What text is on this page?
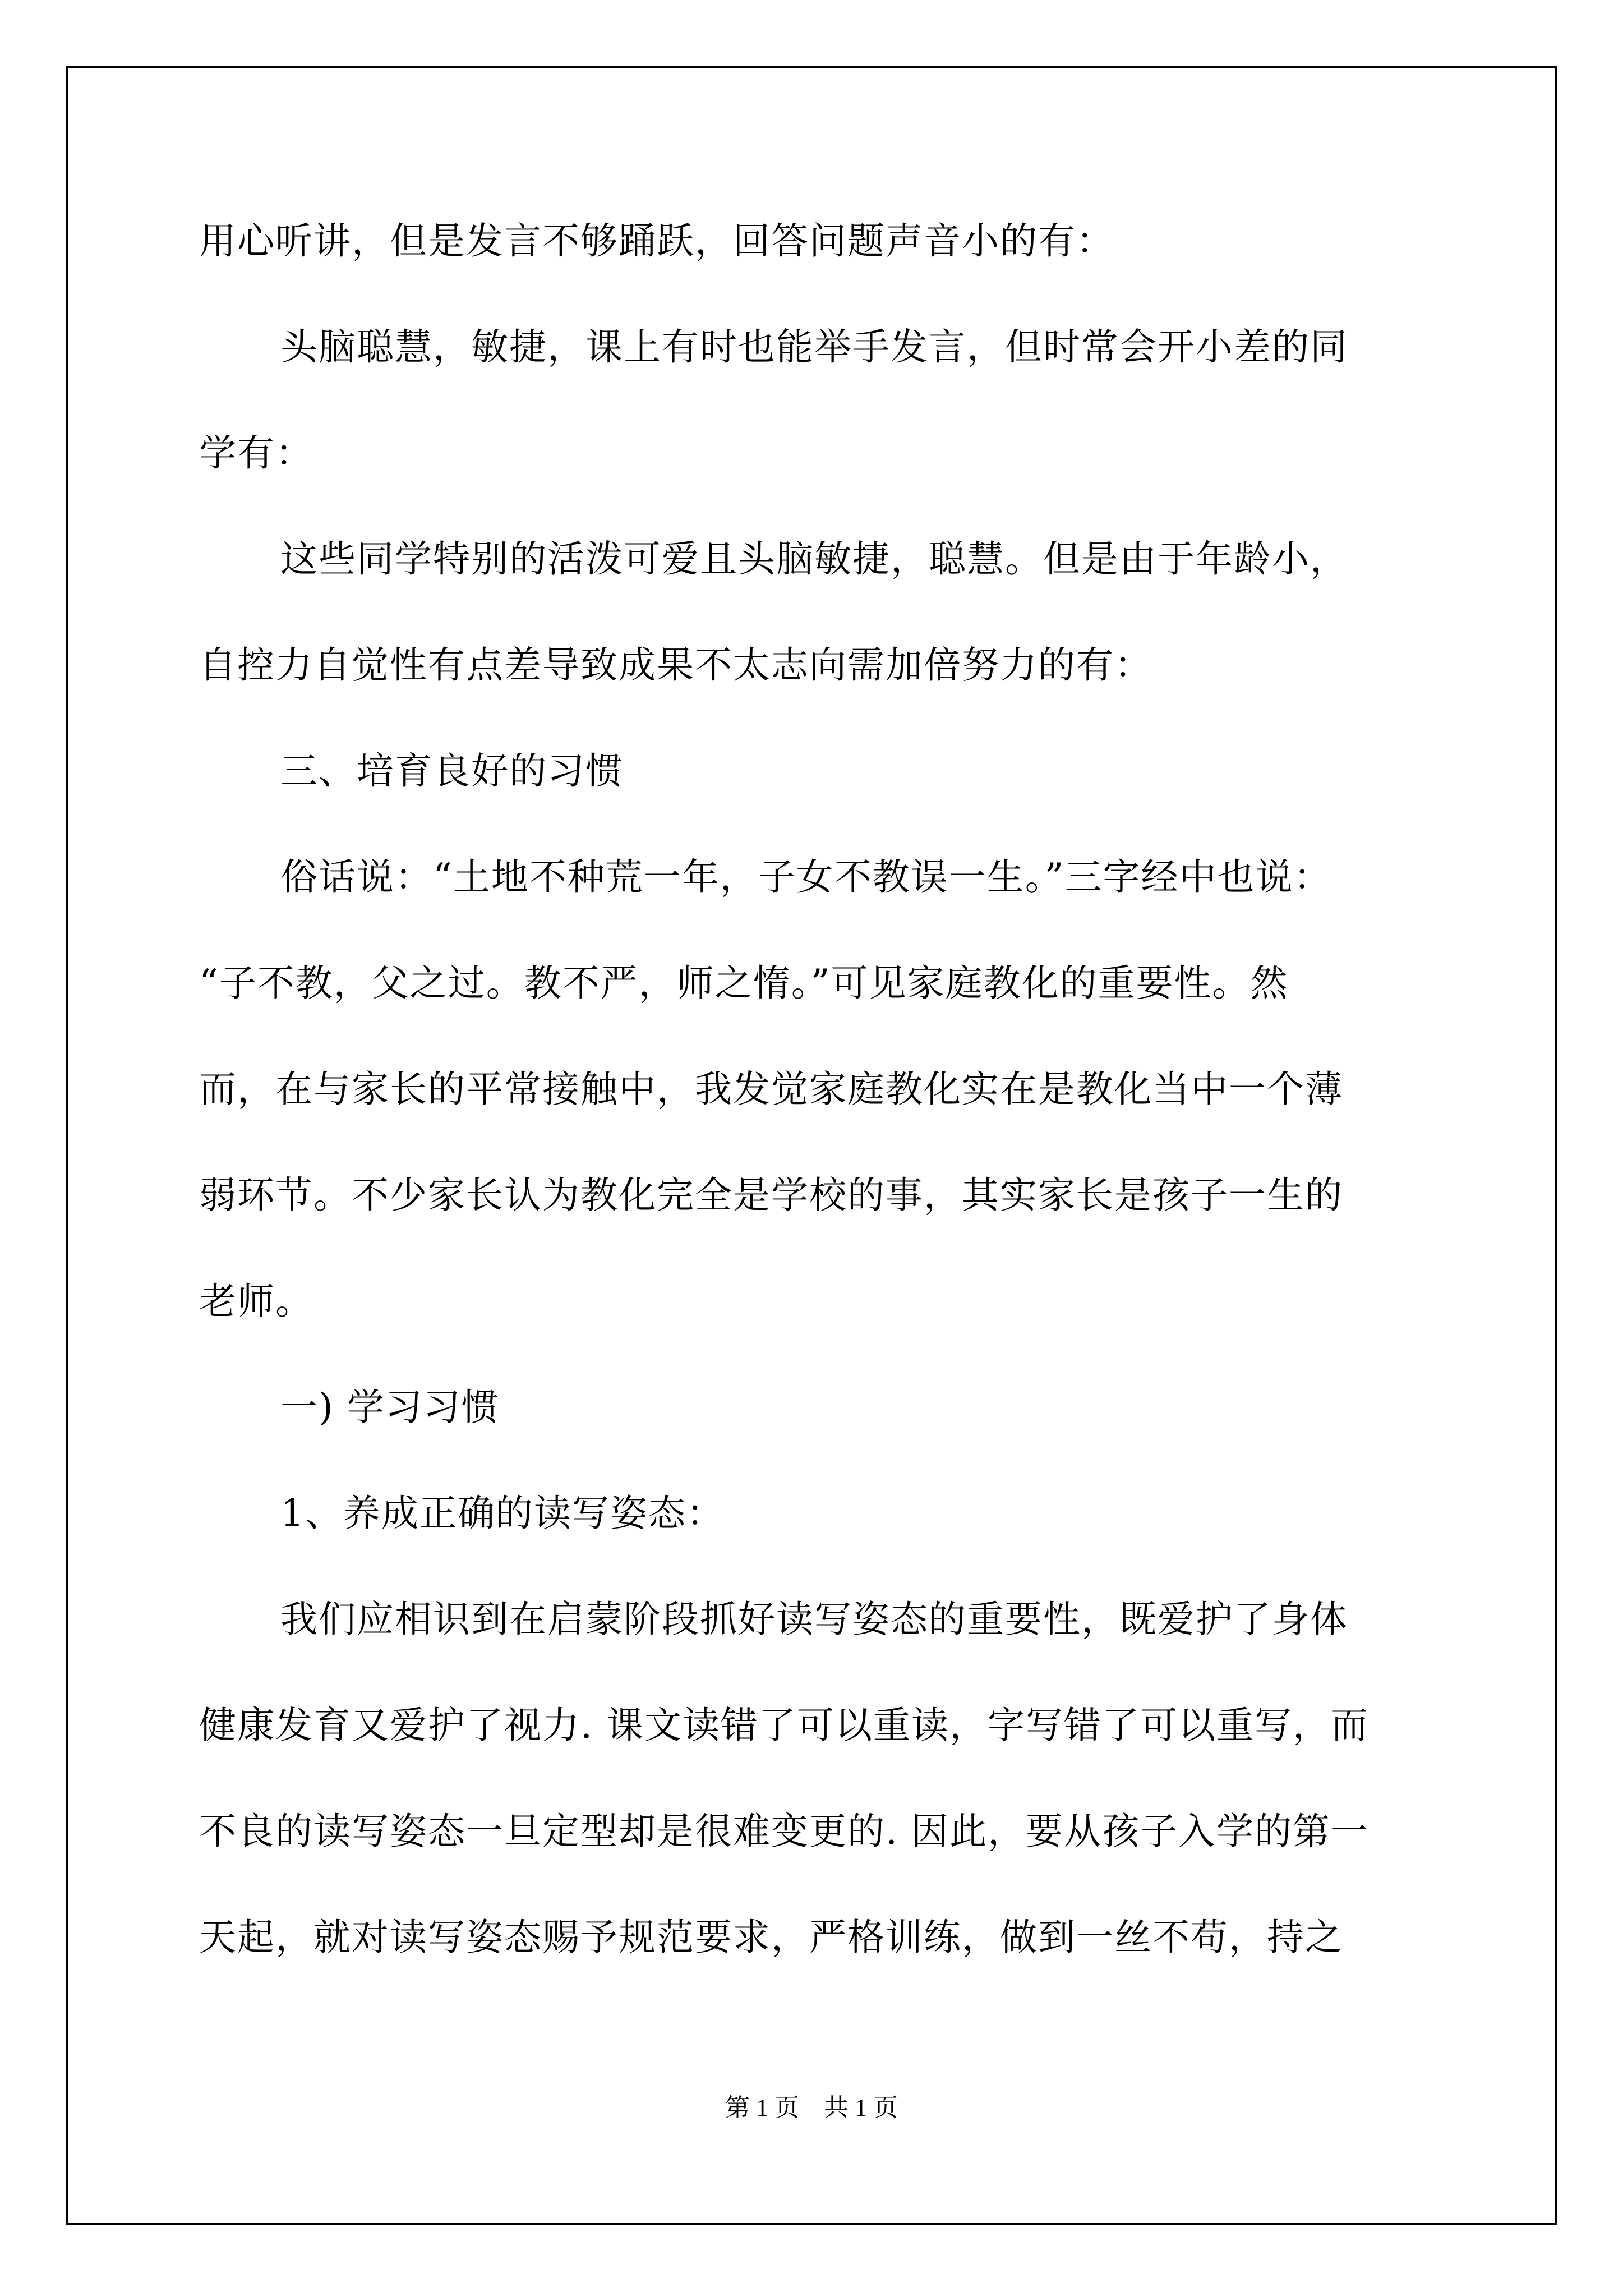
用心听讲，但是发言不够踊跃，回答问题声音小的有：
头脑聪慧，敏捷，课上有时也能举手发言，但时常会开小差的同
学有：
这些同学特别的活泼可爱且头脑敏捷，聪慧。但是由于年龄小，
自控力自觉性有点差导致成果不太志向需加倍努力的有：
三、培育良好的习惯
俗话说：“土地不种荒一年，子女不教误一生。”三字经中也说：
“子不教，父之过。教不严，师之惰。”可见家庭教化的重要性。然
而，在与家长的平常接触中，我发觉家庭教化实在是教化当中一个薄
弱环节。不少家长认为教化完全是学校的事，其实家长是孩子一生的
老师。
一) 学习习惯
1、养成正确的读写姿态：
我们应相识到在启蒙阶段抓好读写姿态的重要性，既爱护了身体
健康发育又爱护了视力. 课文读错了可以重读，字写错了可以重写，而
不良的读写姿态一旦定型却是很难变更的. 因此，要从孩子入学的第一
天起，就对读写姿态赐予规范要求，严格训练，做到一丝不苟，持之
第 1 页　共 1 页
